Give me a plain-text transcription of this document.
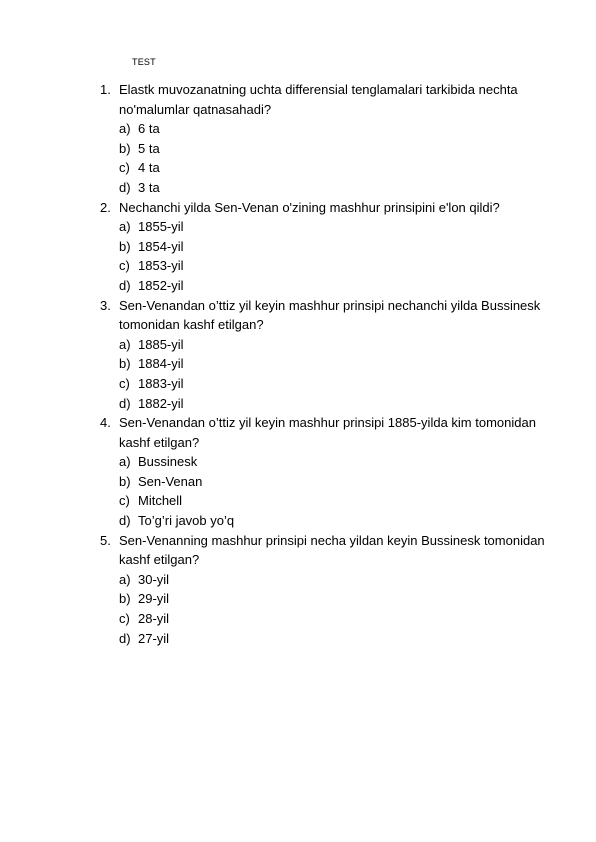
TEST
1. Elastk muvozanatning uchta differensial tenglamalari tarkibida nechta no'malumlar qatnasahadi?
a) 6 ta
b) 5 ta
c) 4 ta
d) 3 ta
2. Nechanchi yilda Sen-Venan o'zining mashhur prinsipini e'lon qildi?
a) 1855-yil
b) 1854-yil
c) 1853-yil
d) 1852-yil
3. Sen-Venandan o’ttiz yil keyin mashhur prinsipi nechanchi yilda Bussinesk tomonidan kashf etilgan?
a) 1885-yil
b) 1884-yil
c) 1883-yil
d) 1882-yil
4. Sen-Venandan o’ttiz yil keyin mashhur prinsipi 1885-yilda kim tomonidan kashf etilgan?
a) Bussinesk
b) Sen-Venan
c) Mitchell
d) To’g’ri javob yo’q
5. Sen-Venanning mashhur prinsipi necha yildan keyin Bussinesk tomonidan kashf etilgan?
a) 30-yil
b) 29-yil
c) 28-yil
d) 27-yil
